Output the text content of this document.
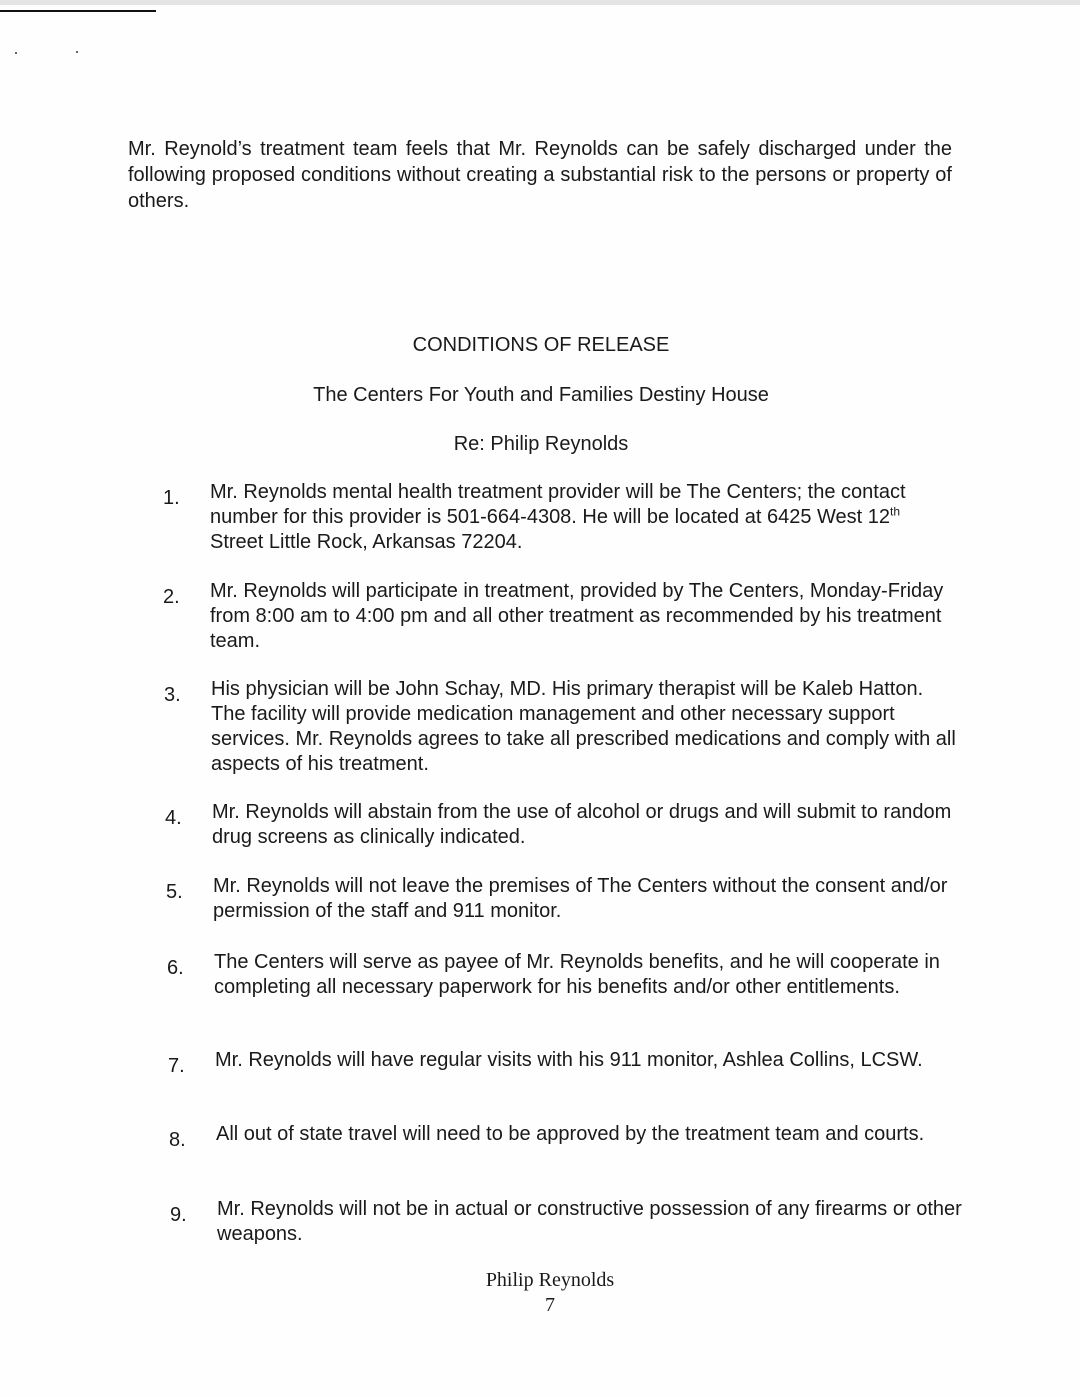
Mr. Reynold’s treatment team feels that Mr. Reynolds can be safely discharged under the following proposed conditions without creating a substantial risk to the persons or property of others.

CONDITIONS OF RELEASE
The Centers For Youth and Families Destiny House
Re: Philip Reynolds
1. Mr. Reynolds mental health treatment provider will be The Centers; the contact number for this provider is 501-664-4308. He will be located at 6425 West 12th Street Little Rock, Arkansas 72204.
2. Mr. Reynolds will participate in treatment, provided by The Centers, Monday-Friday from 8:00 am to 4:00 pm and all other treatment as recommended by his treatment team.
3. His physician will be John Schay, MD. His primary therapist will be Kaleb Hatton. The facility will provide medication management and other necessary support services. Mr. Reynolds agrees to take all prescribed medications and comply with all aspects of his treatment.
4. Mr. Reynolds will abstain from the use of alcohol or drugs and will submit to random drug screens as clinically indicated.
5. Mr. Reynolds will not leave the premises of The Centers without the consent and/or permission of the staff and 911 monitor.
6. The Centers will serve as payee of Mr. Reynolds benefits, and he will cooperate in completing all necessary paperwork for his benefits and/or other entitlements.
7. Mr. Reynolds will have regular visits with his 911 monitor, Ashlea Collins, LCSW.
8. All out of state travel will need to be approved by the treatment team and courts.
9. Mr. Reynolds will not be in actual or constructive possession of any firearms or other weapons.
Philip Reynolds
7
